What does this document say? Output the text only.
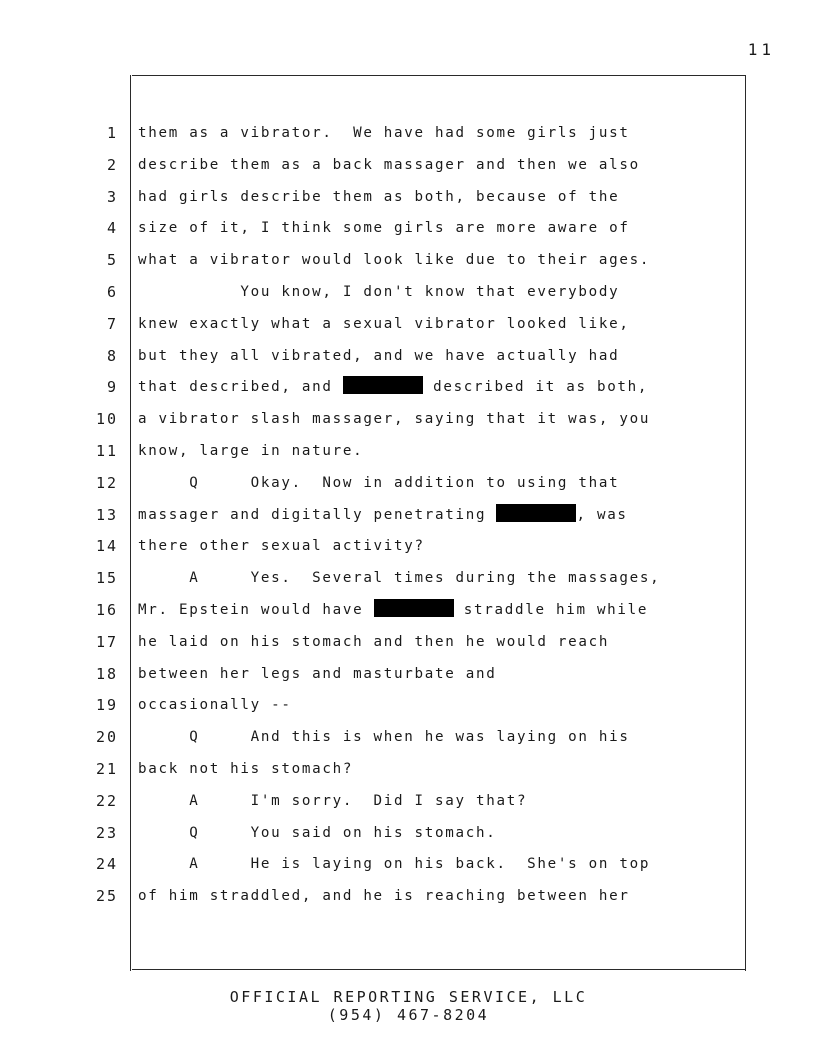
11
1
2
3
4
5
6
7
8
9
10
11
12
13
14
15
16
17
18
19
20
21
22
23
24
25
them as a vibrator.  We have had some girls just
describe them as a back massager and then we also
had girls describe them as both, because of the
size of it, I think some girls are more aware of
what a vibrator would look like due to their ages.
You know, I don't know that everybody
knew exactly what a sexual vibrator looked like,
but they all vibrated, and we have actually had
that described, and	described it as both,
a vibrator slash massager, saying that it was, you
know, large in nature.
Q     Okay.  Now in addition to using that
massager and digitally penetrating	, was
there other sexual activity?
A     Yes.  Several times during the massages,
Mr. Epstein would have	straddle him while
he laid on his stomach and then he would reach
between her legs and masturbate and
occasionally --
Q     And this is when he was laying on his
back not his stomach?
A     I'm sorry.  Did I say that?
Q     You said on his stomach.
A     He is laying on his back.  She's on top
of him straddled, and he is reaching between her
OFFICIAL REPORTING SERVICE, LLC
(954) 467-8204
